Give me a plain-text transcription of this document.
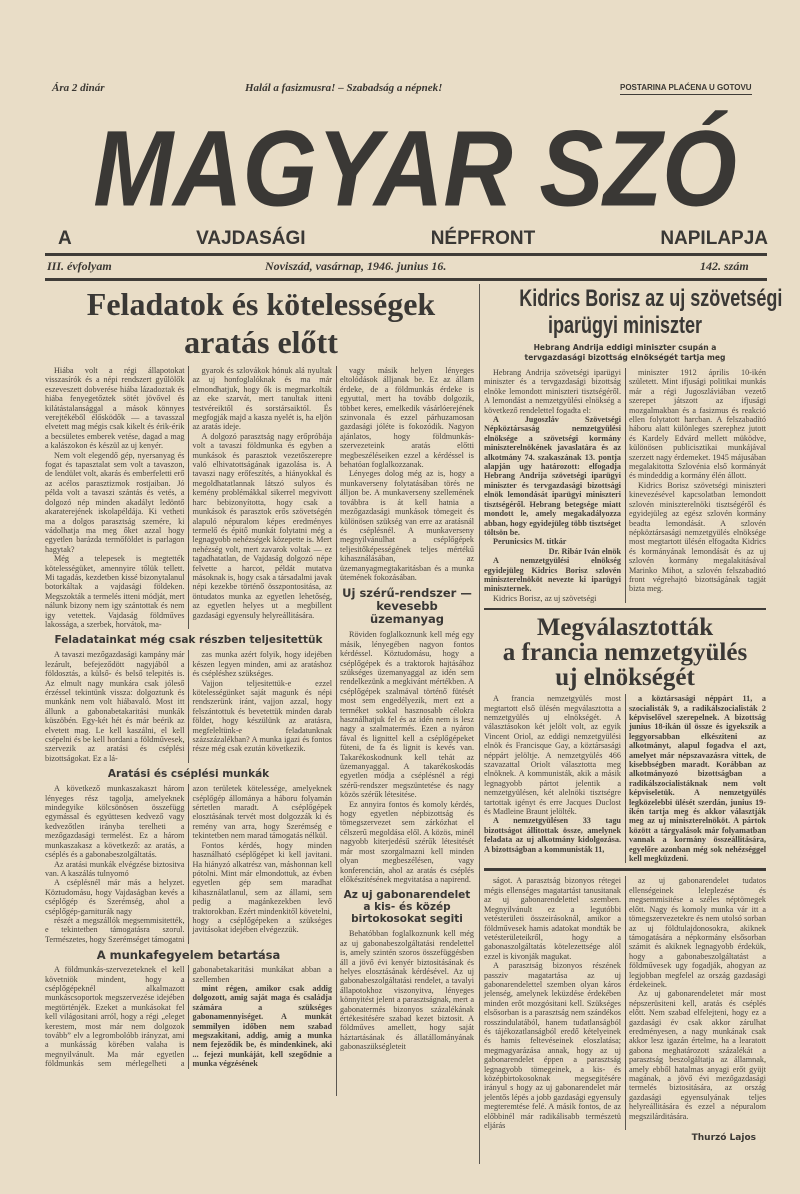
Ára 2 dinár	Halál a fasizmusra! – Szabadság a népnek!	POSTARINA PLAĆENA U GOTOVU
MAGYAR SZÓ
A VAJDASÁGI NÉPFRONT NAPILAPJA
III. évfolyam	Noviszád, vasárnap, 1946. junius 16.	142. szám
Feladatok és kötelességek
aratás előtt

Hiába volt a régi állapotokat visszasírók és a népi rendszert gyűlölők eszeveszett dobverése hiába lázadoztak és hiába fenyegetőztek sötét jövővel és kilátástalansággal a mások könnyes verejtékéből élősködők — a tavasszal elvetett mag mégis csak kikelt és érik-érik a becsületes emberek vetése, dagad a mag a kalászokon és készül az uj kenyér.

Nem volt elegendő gép, nyersanyag és fogat és tapasztalat sem volt a tavaszon, de lendület volt, akarás és emberfeletti erő az acélos parasztizmok rostjaiban. Jó példa volt a tavaszi szántás és vetés, a dolgozó nép minden akadályt ledöntő akaraterejének iskolapéldája. Ki vetheti ma a dolgos parasztság szemére, ki vádolhatja ma meg őket azzal hogy egyetlen barázda termőföldet is parlagon hagytak?

Még a telepesek is megtették kötelességüket, amennyire tőlük tellett. Mi tagadás, kezdetben kissé bizonytalanul botorkáltak a vajdasági földeken. Megszokták a termelés itteni módját, mert nálunk bizony nem igy szántottak és nem igy vetettek. Vajdaság földműves lakossága, a szerbek, horvátok, ma-

gyarok és szlovákok hónuk alá nyultak az uj honfoglalóknak és ma már elmondhatjuk, hogy ők is megmarkolták az eke szarvát, mert tanultak itteni testvéreiktől és sorstársaiktól. És megfogják majd a kasza nyelét is, ha eljön az aratás ideje.

A dolgozó parasztság nagy erőpróbája volt a tavaszi földmunka és egyben a munkások és parasztok vezetőszerepre való elhivatottságának igazolása is. A tavaszi nagy erőfeszítés, a hiányokkal és megoldhatatlannak látszó sulyos és kemény problémákkal sikerrel megvivott harc bebizonyította, hogy csak a munkások és parasztok erős szövetségén alapuló népuralom képes eredményes termelő és épitő munkát folytatni még a legnagyobb nehézségek közepette is. Mert nehézség volt, mert zavarok voltak — ez tagadhatatlan, de Vajdaság dolgozó népe felvette a harcot, példát mutatva másoknak is, hogy csak a társadalmi javak népi kezekbe történő összpontositása, az öntudatos munka az egyetlen lehetőség, az egyetlen helyes ut a megbillent gazdasági egyensuly helyreállitására.

Feladatainkat még csak részben teljesitettük

A tavaszi mezőgazdasági kampány már lezárult, befejeződött nagyjából a földosztás, a külső- és belső telepités is. Az elmult nagy munkára csak jóleső érzéssel tekintünk vissza: dolgoztunk és munkánk nem volt hiábavaló. Most itt állunk a gabonabetakaritási munkák küszöbén. Egy-két hét és már beérik az elvetett mag. Le kell kaszálni, el kell csépelni és be kell hordani a földművesek, szervezik az aratási és cséplési bizottságokat. Ez a lá-

zas munka azért folyik, hogy idejében készen legyen minden, ami az aratáshoz és csépléshez szükséges.

Vajjon teljesitettük-e ezzel kötelességünket saját magunk és népi rendszerünk iránt, vajjon azzal, hogy felszántottuk és bevetettük minden darab földet, hogy készülünk az aratásra, megfeleltünk-e feladatunknak százszázalékban? A munka igazi és fontos része még csak ezután következik.

Aratási és cséplési munkák

A következő munkaszakaszt három lényeges rész tagolja, amelyeknek mindegyike kölcsönösen összefügg egymással és együttesen kedvező vagy kedvezőtlen irányba terelheti a mezőgazdasági termelést. Ez a három munkaszakasz a következő: az aratás, a cséplés és a gabonabeszolgáltatás.

Az aratási munkák elvégzése biztositva van. A kaszálás tulnyomó

A cséplésnél már más a helyzet. Köztudomásu, hogy Vajdaságban kevés a cséplőgép és Szerémség, ahol a cséplőgép-garniturák nagy

részét a megszállók megsemmisitették, e tekintetben támogatásra szorul. Természetes, hogy Szerémséget támogatni azon területek kötelessége, amelyeknek cséplőgép állománya a háboru folyamán sértetlen maradt. A cséplőgépek elosztásának tervét most dolgozzák ki és remény van arra, hogy Szerémség e tekintetben nem marad támogatás nélkül.

Fontos kérdés, hogy minden használható cséplőgépet ki kell javitani. Ha hiányzó alkatrész van, máshonnan kell pótolni. Mint már elmondottuk, az évben egyetlen gép sem maradhat kihasználatlanul, sem az állami, sem pedig a magánkezekben levő traktorokban. Ezért mindenkitől követelni, hogy a cséplőgépeken a szükséges javitásokat idejében elvégezzük.

A munkafegyelem betartása

A földmunkás-szervezeteknek el kell követniök mindent, hogy a cséplőgépeknél alkalmazott munkáscsoportok megszervezése idejében megtörténjék. Ezeket a munkásokat fel kell világositani arról, hogy a régi „eleget kerestem, most már nem dolgozok tovább” elv a legrombolóbb irányzat, ami a munkásság körében valaha is megnyilvánult. Ma már egyetlen földmunkás sem mérlegelheti a gabonabetakaritási munkákat abban a szellemben

mint régen, amikor csak addig dolgozott, amig saját maga és családja számára a szükséges gabonamennyiséget. A munkát semmilyen időben nem szabad megszakitani, addig, amig a munka nem fejeződik be, és mindenkinek, aki ... fejezi munkáját, kell szegődnie a munka végzésének

vagy másik helyen lényeges eltolódások álljanak be. Ez az állam érdeke, de a földmunkás érdeke is egyuttal, mert ha tovább dolgozik, többet keres, emelkedik vásárlóerejének szinvonala és ezzel párhuzamosan gazdasági jóléte is fokozódik. Nagyon ajánlatos, hogy földmunkás-szervezeteink aratás előtti megbeszéléseiken ezzel a kérdéssel is behatóan foglalkozzanak.

Lényeges dolog még az is, hogy a munkaverseny folytatásában törés ne álljon be. A munkaverseny szellemének továbbra is át kell hatnia a mezőgazdasági munkások tömegeit és különösen szükség van erre az aratásnál és cséplésnél. A munkaverseny megnyilvánulhat a cséplőgépek teljesitőképességének teljes mértékű kihasználásában, az üzemanyagmegtakaritásban és a munka ütemének fokozásában.

Uj szérű-rendszer —
kevesebb üzemanyag

Röviden foglalkoznunk kell még egy másik, lényegében nagyon fontos kérdéssel. Köztudomásu, hogy a cséplőgépek és a traktorok hajtásához szükséges üzemanyaggal az idén sem rendelkezünk a megkivánt mértékben. A cséplőgépek szalmával történő fütését most sem engedélyezik, mert ezt a terméket sokkal hasznosabb célokra használhatjuk fel és az idén nem is lesz nagy a szalmatermés. Ezen a nyáron fával és lignittel kell a cséplőgépeket füteni, de fa és lignit is kevés van. Takarékoskodnunk kell tehát az üzemanyaggal. A takarékoskodás egyetlen módja a cséplésnél a régi szérű-rendszer megszüntetése és nagy közös szérűk létesitése.

Ez annyira fontos és komoly kérdés, hogy egyetlen népbizottság és tömegszervezet sem zárkózhat el célszerű megoldása elől. A közös, minél nagyobb kiterjedésű szérűk létesitését már most szorgalmazni kell minden olyan megbeszélésen, vagy konferencián, ahol az aratás és cséplés előkészitésének megvitatása a napirend.

Az uj gabonarendelet
a kis- és közép
birtokosokat segiti

Behatóbban foglalkoznunk kell még az uj gabonabeszolgáltatási rendelettel is, amely szintén szoros összefüggésben áll a jövő évi kenyér biztositásának és helyes elosztásának kérdésével. Az uj gabonabeszolgáltatási rendelet, a tavalyi állapotokhoz viszonyitva, lényeges könnyitést jelent a parasztságnak, mert a gabonatermés bizonyos százalékának értékesitésére szabad kezet biztosit. A földműves amellett, hogy saját háztartásának és állatállományának gabonaszükségleteit

Kidrics Borisz az uj szövetségi
iparügyi miniszter
Hebrang Andrija eddigi miniszter csupán a tervgazdasági bizottság elnökségét tartja meg

Hebrang Andrija szövetségi iparügyi miniszter és a tervgazdasági bizottság elnöke lemondott miniszteri tisztségéről. A lemondást a nemzetgyülési elnökség a következő rendelettel fogadta el:

A Jugoszláv Szövetségi Népköztársaság nemzetgyülési elnöksége a szövetségi kormány miniszterelnökének javaslatára és az alkotmány 74. szakaszának 13. pontja alapján ugy határozott: elfogadja Hebrang Andrija szövetségi iparügyi miniszter és tervgazdasági bizottsági elnök lemondását iparügyi miniszteri tisztségéről. Hebrang betegsége miatt mondott le, amely megakadályozza abban, hogy egyidejüleg több tisztséget töltsön be.

Perunicsics M. titkár

Dr. Ribár Iván elnök

A nemzetgyülési elnökség egyidejüleg Kidrics Borisz szlovén miniszterelnököt nevezte ki iparügyi miniszternek.

Kidrics Borisz, az uj szövetségi

miniszter 1912 április 10-ikén született. Mint ifjusági politikai munkás már a régi Jugoszláviában vezető szerepet játszott az ifjusági mozgalmakban és a fasizmus és reakció ellen folytatott harcban. A felszabadító háboru alatt különleges szerephez jutott és Kardely Edvárd mellett müködve, különösen publicisztikai munkájával szerzett nagy érdemeket. 1945 májusában megalakitotta Szlovénia első kormányát és mindeddig a kormány élén állott.

Kidrics Borisz szövetségi miniszteri kinevezésével kapcsolatban lemondott szlovén miniszterelnöki tisztségéről és egyidejüleg az egész szlovén kormány beadta lemondását. A szlovén népköztársasági nemzetgyülés elnöksége most megtartott ülésén elfogadta Kidrics és kormányának lemondását és az uj szlovén kormány megalakitásával Marinko Mihot, a szlovén felszabaditó front végrehajtó bizottságának tagját bizta meg.

Megválasztották
a francia nemzetgyülés
uj elnökségét

A francia nemzetgyülés most megtartott első ülésén megválasztotta a nemzetgyülés uj elnökségét. A választásokon két jelölt volt, az egyik Vincent Oriol, az eddigi nemzetgyülési elnök és Francisque Gay, a köztársasági néppárt jelöltje. A nemzetgyülés 466 szavazattal Oriolt választotta meg elnöknek. A kommunisták, akik a másik legnagyobb pártot jelentik a nemzetgyülésen, két alelnöki tisztségre tartottak igényt és erre Jacques Duclost és Madleine Braunt jelölték.

A nemzetgyülésen 33 tagu bizottságot állitottak össze, amelynek feladata az uj alkotmány kidolgozása. A bizottságban a kommunisták 11,

a köztársasági néppárt 11, a szocialisták 9, a radikálszocialisták 2 képviselővel szerepelnek. A bizottság junius 18-ikán ül össze és igyekszik a leggyorsabban elkésziteni az alkotmányt, alapul fogadva el azt, amelyet már népszavazásra vittek, de kisebbségben maradt. Korábban az alkotmányozó bizottságban a radikálszocialistáknak nem volt képviseletük. A nemzetgyülés legközelebbi ülését szerdán, junius 19-ikén tartja meg és akkor választják meg az uj miniszterelnököt. A pártok között a tárgyalások már folyamatban vannak a kormány összeállitására, egyelőre azonban még sok nehézséggel kell megküzdeni.

ságot. A parasztság bizonyos rétegei mégis ellenséges magatartást tanusitanak az uj gabonarendelettel szemben. Megnyilvánult ez a legutóbbi vetésterületi összeirásoknál, amikor a földművesek hamis adatokat mondták be vetésterületeikről, hogy a gabonaszolgáltatás kötelezettsége alól ezzel is kivonják magukat.

A parasztság bizonyos részének passziv magatartása az uj gabonarendelettel szemben olyan káros jelenség, amelynek leküzdése érdekében minden erőt mozgósitani kell. Szükséges elsősorban is a parasztság nem szándékos rosszindulatából, hanem tudatlanságból és tájékozatlanságból eredő kételyeinek és hamis feltevéseinek eloszlatása; megmagyarázása annak, hogy az uj gabonarendelet éppen a parasztság legnagyobb tömegeinek, a kis- és középbirtokosoknak megsegitésére irányul s hogy az uj gabonarendelet már jelentős lépés a jobb gazdasági egyensuly megteremtése felé. A másik fontos, de az előbbinél már radikálisabb természetü eljárás

az uj gabonarendelet tudatos ellenségeinek leleplezése és megsemmisitése a széles néptömegek előtt. Nagy és komoly munka vár itt a tömegszervezetekre és nem utolsó sorban az uj földtulajdonosokra, akiknek támogatására a népkormány elsősorban számit és akiknek legnagyobb érdekük, hogy a gabonabeszolgáltatást a földművesek ugy fogadják, ahogyan az legjobban megfelel az ország gazdasági érdekeinek.

Az uj gabonarendeletet már most népszerüsiteni kell, aratás és cséplés előtt. Nem szabad elfelejteni, hogy ez a gazdasági év csak akkor zárulhat eredményesen, a nagy munkának csak akkor lesz igazán értelme, ha a learatott gabona meghatározott százalékát a parasztság beszolgáltatja az államnak, amely ebből hatalmas anyagi erőt gyüjt magának, a jövő évi mezőgazdasági termelés biztositására, az ország gazdasági egyensulyának teljes helyreállitására és ezzel a népuralom megszilárditására.

Thurzó Lajos
